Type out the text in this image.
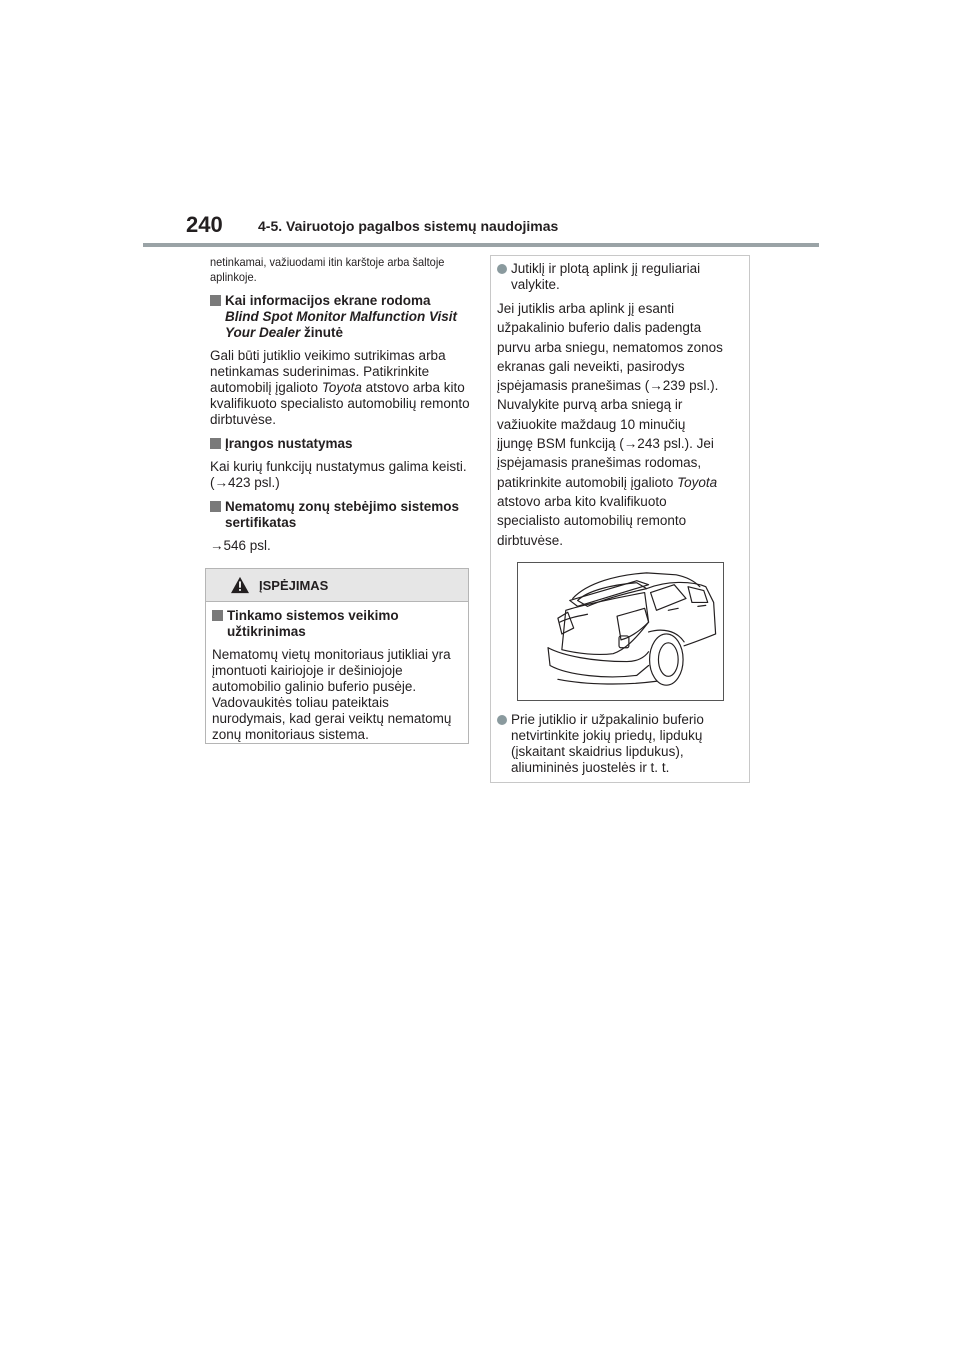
240	4-5. Vairuotojo pagalbos sistemų naudojimas
netinkamai, važiuodami itin karštoje arba šaltoje aplinkoje.
Kai informacijos ekrane rodoma
Blind Spot Monitor Malfunction Visit Your Dealer žinutė

Gali būti jutiklio veikimo sutrikimas arba netinkamas suderinimas. Patikrinkite automobilį įgalioto Toyota atstovo arba kito kvalifikuoto specialisto automobilių remonto dirbtuvėse.

Įrangos nustatymas

Kai kurių funkcijų nustatymus galima keisti. (→423 psl.)

Nematomų zonų stebėjimo sistemos sertifikatas

→546 psl.

ĮSPĖJIMAS
Tinkamo sistemos veikimo užtikrinimas

Nematomų vietų monitoriaus jutikliai yra įmontuoti kairiojoje ir dešiniojoje automobilio galinio buferio pusėje. Vadovaukitės toliau pateiktais nurodymais, kad gerai veiktų nematomų zonų monitoriaus sistema.

Jutiklį ir plotą aplink jį reguliariai valykite.

Jei jutiklis arba aplink jį esanti

užpakalinio buferio dalis padengta

purvu arba sniegu, nematomos zonos

ekranas gali neveikti, pasirodys

įspėjamasis pranešimas (→239 psl.).

Nuvalykite purvą arba sniegą ir

važiuokite maždaug 10 minučių

įjungę BSM funkciją (→243 psl.). Jei

įspėjamasis pranešimas rodomas,

patikrinkite automobilį įgalioto Toyota

atstovo arba kito kvalifikuoto

specialisto automobilių remonto

dirbtuvėse.

Prie jutiklio ir užpakalinio buferio netvirtinkite jokių priedų, lipdukų (įskaitant skaidrius lipdukus), aliumininės juostelės ir t. t.
